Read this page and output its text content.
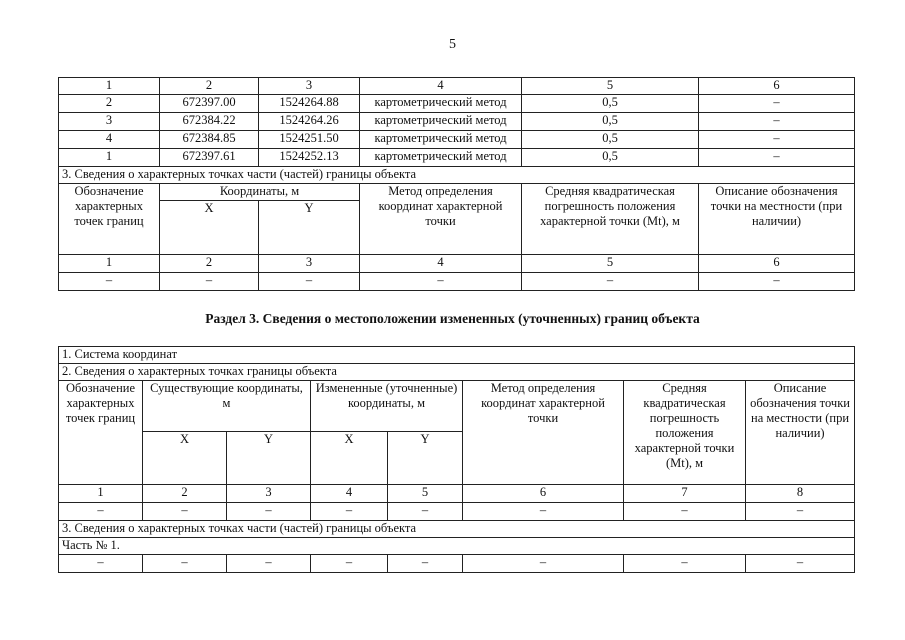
5
1	2	3	4	5	6
2	672397.00	1524264.88	картометрический метод	0,5	–
3	672384.22	1524264.26	картометрический метод	0,5	–
4	672384.85	1524251.50	картометрический метод	0,5	–
1	672397.61	1524252.13	картометрический метод	0,5	–
3. Сведения о характерных точках части (частей) границы объекта					
Обозначение характерных точек границ	Координаты, м		Метод определения координат характерной точки	Средняя квадратическая погрешность положения характерной точки (Mt), м	Описание обозначения точки на местности (при наличии)
	X	Y			
1	2	3	4	5	6
–	–	–	–	–	–
Раздел 3. Сведения о местоположении измененных (уточненных) границ объекта
1. Система координат							
2. Сведения о характерных точках границы объекта							
Обозначение характерных точек границ	Существующие координаты, м		Измененные (уточненные) координаты, м		Метод определения координат характерной точки	Средняя квадратическая погрешность положения характерной точки (Mt), м	Описание обозначения точки на местности (при наличии)
	X	Y	X	Y			
1	2	3	4	5	6	7	8
–	–	–	–	–	–	–	–
3. Сведения о характерных точках части (частей) границы объекта							
Часть № 1.							
–	–	–	–	–	–	–	–
